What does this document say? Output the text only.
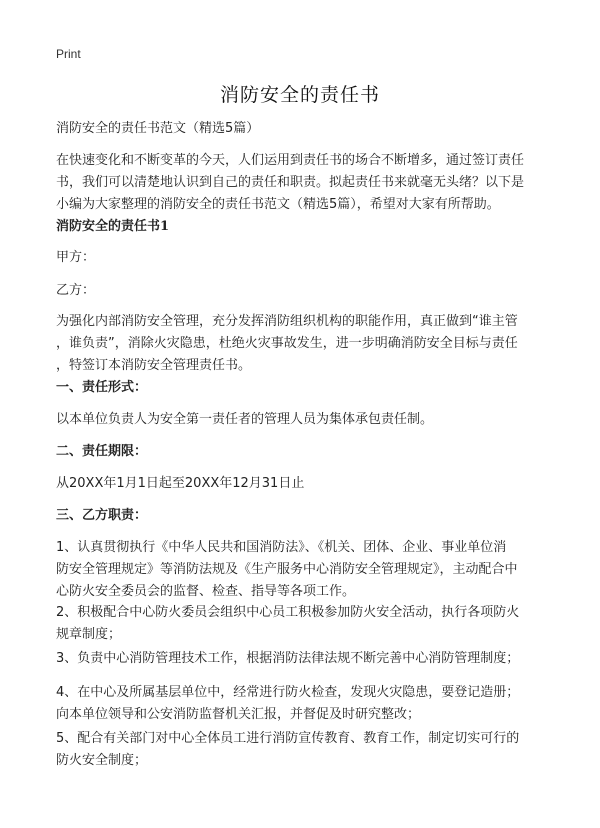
Print
消防安全的责任书
消防安全的责任书范文（精选5篇）
在快速变化和不断变革的今天，人们运用到责任书的场合不断增多，通过签订责任
书，我们可以清楚地认识到自己的责任和职责。拟起责任书来就毫无头绪？以下是
小编为大家整理的消防安全的责任书范文（精选5篇），希望对大家有所帮助。
消防安全的责任书1
甲方：
乙方：
为强化内部消防安全管理，充分发挥消防组织机构的职能作用，真正做到“谁主管
，谁负责”，消除火灾隐患，杜绝火灾事故发生，进一步明确消防安全目标与责任
，特签订本消防安全管理责任书。
一、责任形式：
以本单位负责人为安全第一责任者的管理人员为集体承包责任制。
二、责任期限：
从20XX年1月1日起至20XX年12月31日止
三、乙方职责：
1、认真贯彻执行《中华人民共和国消防法》、《机关、团体、企业、事业单位消
防安全管理规定》等消防法规及《生产服务中心消防安全管理规定》，主动配合中
心防火安全委员会的监督、检查、指导等各项工作。
2、积极配合中心防火委员会组织中心员工积极参加防火安全活动，执行各项防火
规章制度；
3、负责中心消防管理技术工作，根据消防法律法规不断完善中心消防管理制度；
4、在中心及所属基层单位中，经常进行防火检查，发现火灾隐患，要登记造册；
向本单位领导和公安消防监督机关汇报，并督促及时研究整改；
5、配合有关部门对中心全体员工进行消防宣传教育、教育工作，制定切实可行的
防火安全制度；
